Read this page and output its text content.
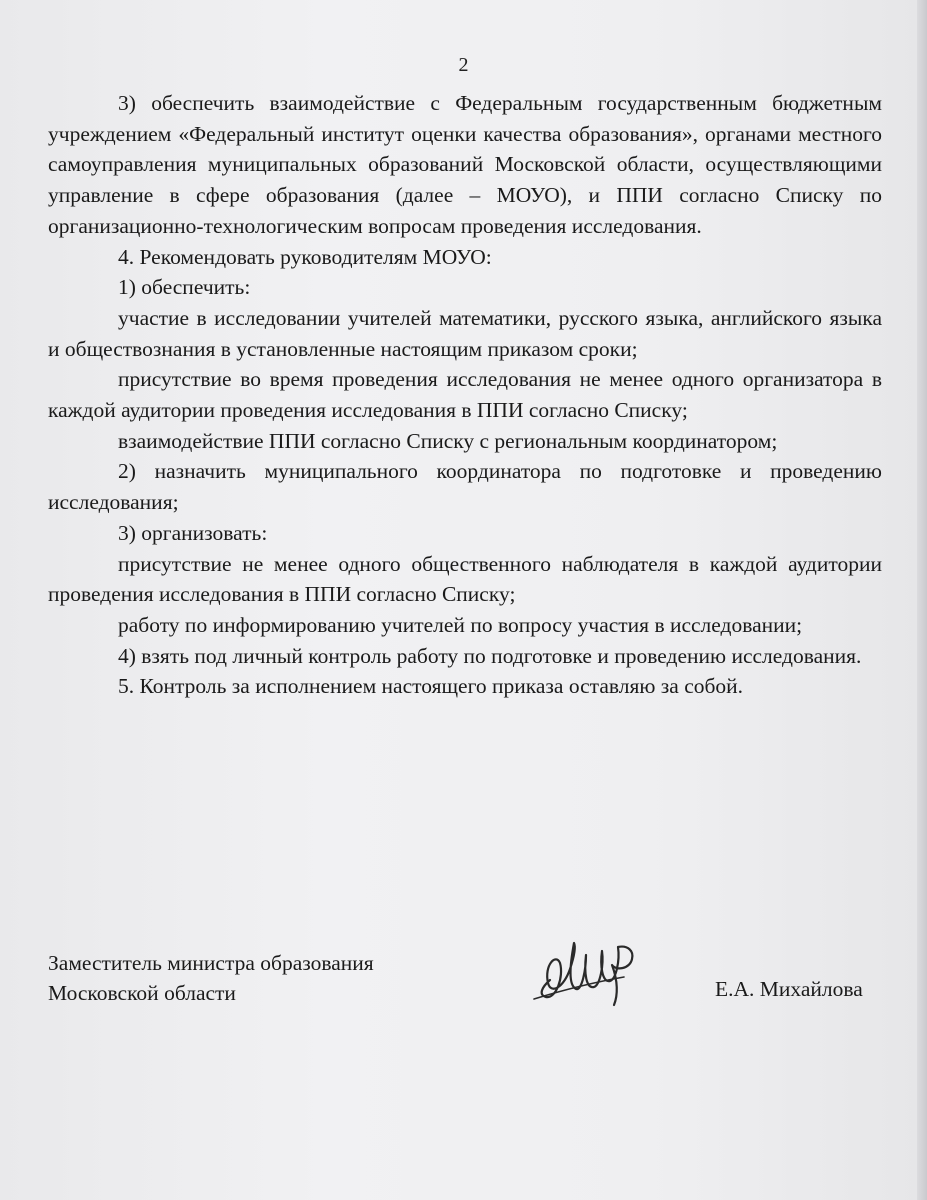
2

3) обеспечить взаимодействие с Федеральным государственным бюджетным учреждением «Федеральный институт оценки качества образования», органами местного самоуправления муниципальных образований Московской области, осуществляющими управление в сфере образования (далее – МОУО), и ППИ согласно Списку по организационно-технологическим вопросам проведения исследования.

4. Рекомендовать руководителям МОУО:

1) обеспечить:

участие в исследовании учителей математики, русского языка, английского языка и обществознания в установленные настоящим приказом сроки;

присутствие во время проведения исследования не менее одного организатора в каждой аудитории проведения исследования в ППИ согласно Списку;

взаимодействие ППИ согласно Списку с региональным координатором;

2) назначить муниципального координатора по подготовке и проведению исследования;

3) организовать:

присутствие не менее одного общественного наблюдателя в каждой аудитории проведения исследования в ППИ согласно Списку;

работу по информированию учителей по вопросу участия в исследовании;

4) взять под личный контроль работу по подготовке и проведению исследования.

5. Контроль за исполнением настоящего приказа оставляю за собой.

Заместитель министра образования
Московской области	Е.А. Михайлова
